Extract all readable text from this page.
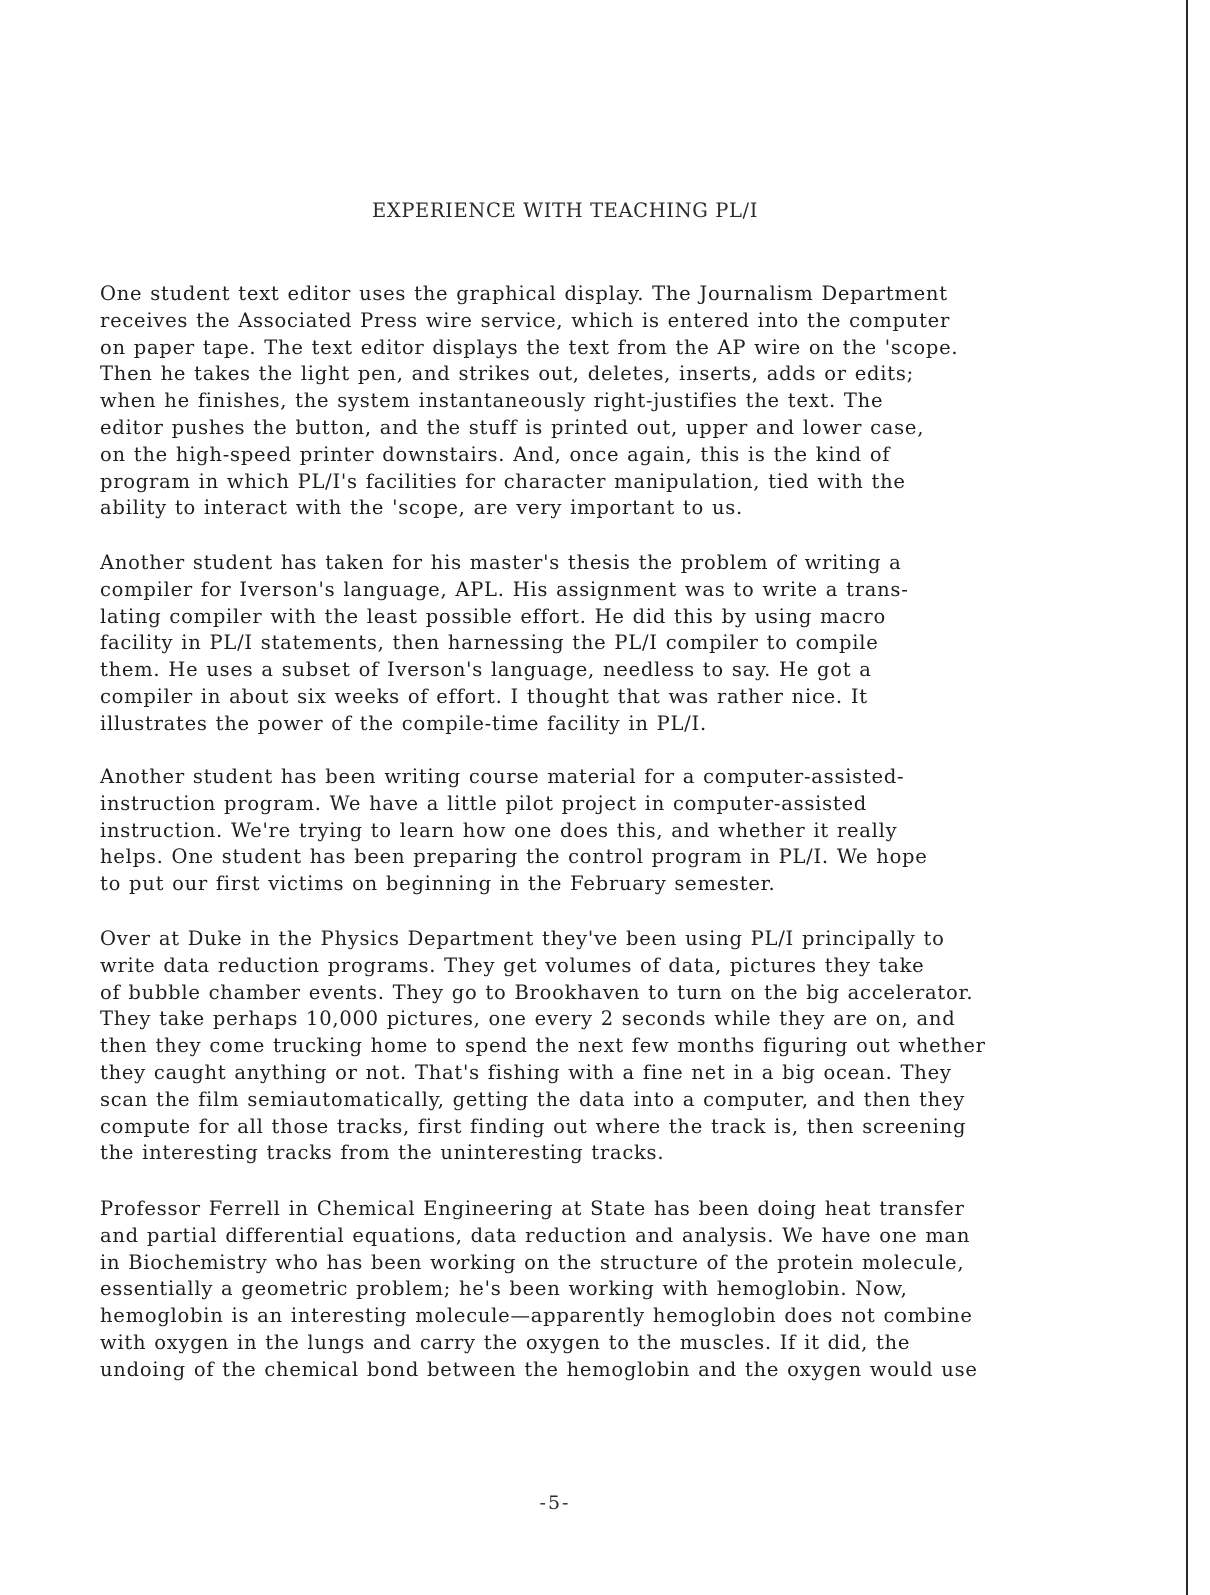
EXPERIENCE WITH TEACHING PL/I
One student text editor uses the graphical display. The Journalism Department
receives the Associated Press wire service, which is entered into the computer
on paper tape. The text editor displays the text from the AP wire on the 'scope.
Then he takes the light pen, and strikes out, deletes, inserts, adds or edits;
when he finishes, the system instantaneously right-justifies the text. The
editor pushes the button, and the stuff is printed out, upper and lower case,
on the high-speed printer downstairs. And, once again, this is the kind of
program in which PL/I's facilities for character manipulation, tied with the
ability to interact with the 'scope, are very important to us.
Another student has taken for his master's thesis the problem of writing a
compiler for Iverson's language, APL. His assignment was to write a trans-
lating compiler with the least possible effort. He did this by using macro
facility in PL/I statements, then harnessing the PL/I compiler to compile
them. He uses a subset of Iverson's language, needless to say. He got a
compiler in about six weeks of effort. I thought that was rather nice. It
illustrates the power of the compile-time facility in PL/I.
Another student has been writing course material for a computer-assisted-
instruction program. We have a little pilot project in computer-assisted
instruction. We're trying to learn how one does this, and whether it really
helps. One student has been preparing the control program in PL/I. We hope
to put our first victims on beginning in the February semester.
Over at Duke in the Physics Department they've been using PL/I principally to
write data reduction programs. They get volumes of data, pictures they take
of bubble chamber events. They go to Brookhaven to turn on the big accelerator.
They take perhaps 10,000 pictures, one every 2 seconds while they are on, and
then they come trucking home to spend the next few months figuring out whether
they caught anything or not. That's fishing with a fine net in a big ocean. They
scan the film semiautomatically, getting the data into a computer, and then they
compute for all those tracks, first finding out where the track is, then screening
the interesting tracks from the uninteresting tracks.
Professor Ferrell in Chemical Engineering at State has been doing heat transfer
and partial differential equations, data reduction and analysis. We have one man
in Biochemistry who has been working on the structure of the protein molecule,
essentially a geometric problem; he's been working with hemoglobin. Now,
hemoglobin is an interesting molecule—apparently hemoglobin does not combine
with oxygen in the lungs and carry the oxygen to the muscles. If it did, the
undoing of the chemical bond between the hemoglobin and the oxygen would use
-5-
